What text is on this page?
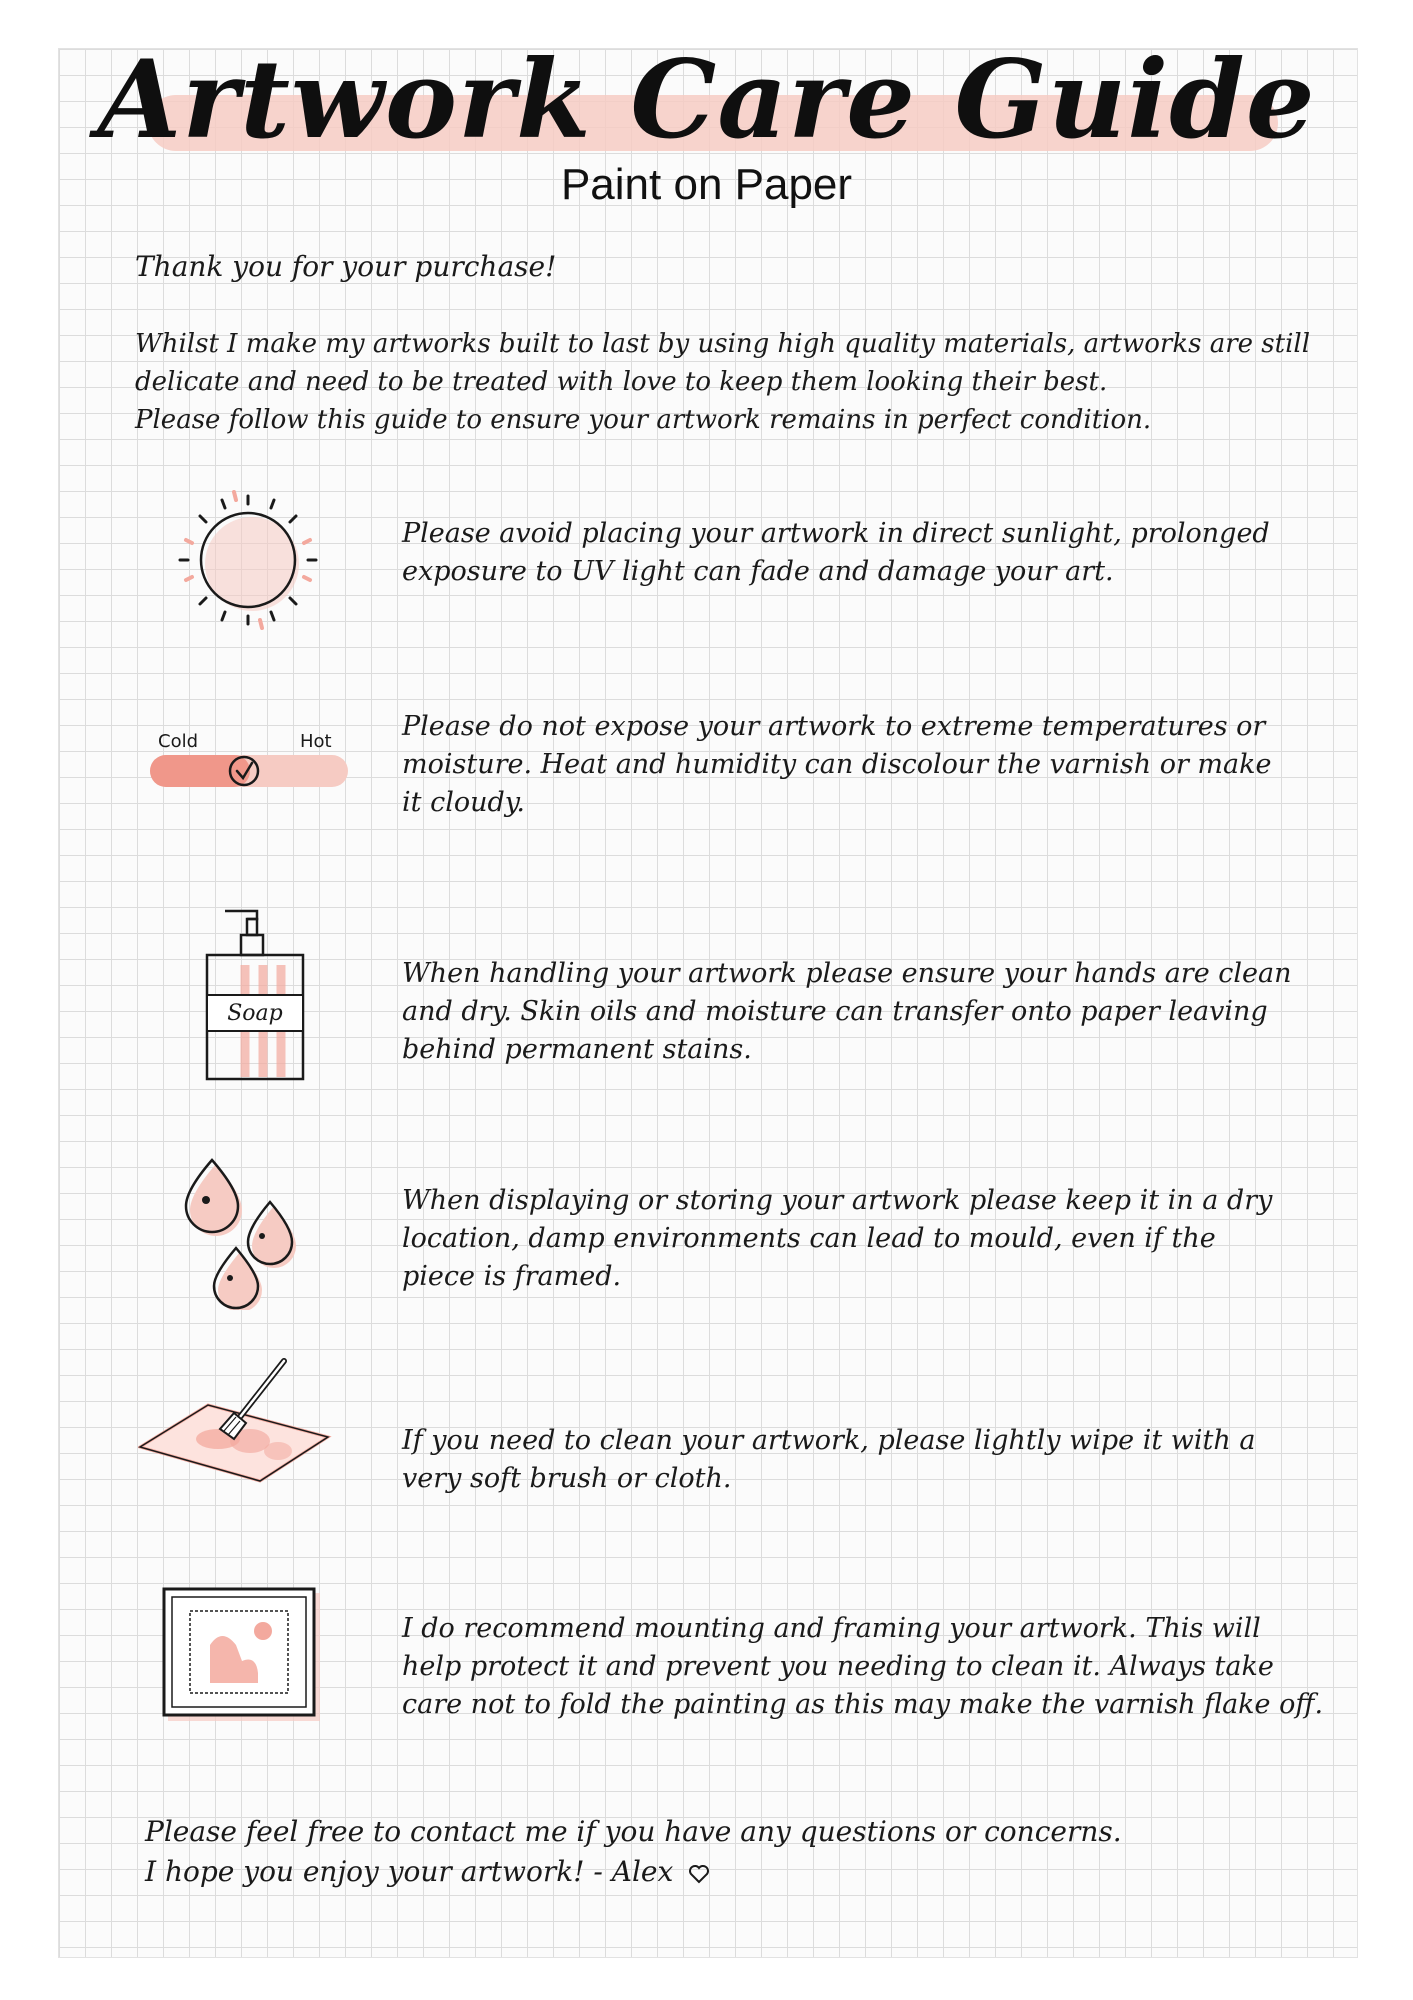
Artwork Care Guide
Paint on Paper
Thank you for your purchase!
Whilst I make my artworks built to last by using high quality materials, artworks are still
delicate and need to be treated with love to keep them looking their best.
Please follow this guide to ensure your artwork remains in perfect condition.
Please avoid placing your artwork in direct sunlight, prolonged
exposure to UV light can fade and damage your art.
Cold	Hot	Please do not expose your artwork to extreme temperatures or
moisture. Heat and humidity can discolour the varnish or make
it cloudy.
Soap
When handling your artwork please ensure your hands are clean
and dry. Skin oils and moisture can transfer onto paper leaving
behind permanent stains.
When displaying or storing your artwork please keep it in a dry
location, damp environments can lead to mould, even if the
piece is framed.
If you need to clean your artwork, please lightly wipe it with a
very soft brush or cloth.
I do recommend mounting and framing your artwork. This will
help protect it and prevent you needing to clean it. Always take
care not to fold the painting as this may make the varnish flake off.
Please feel free to contact me if you have any questions or concerns.
I hope you enjoy your artwork! - Alex
